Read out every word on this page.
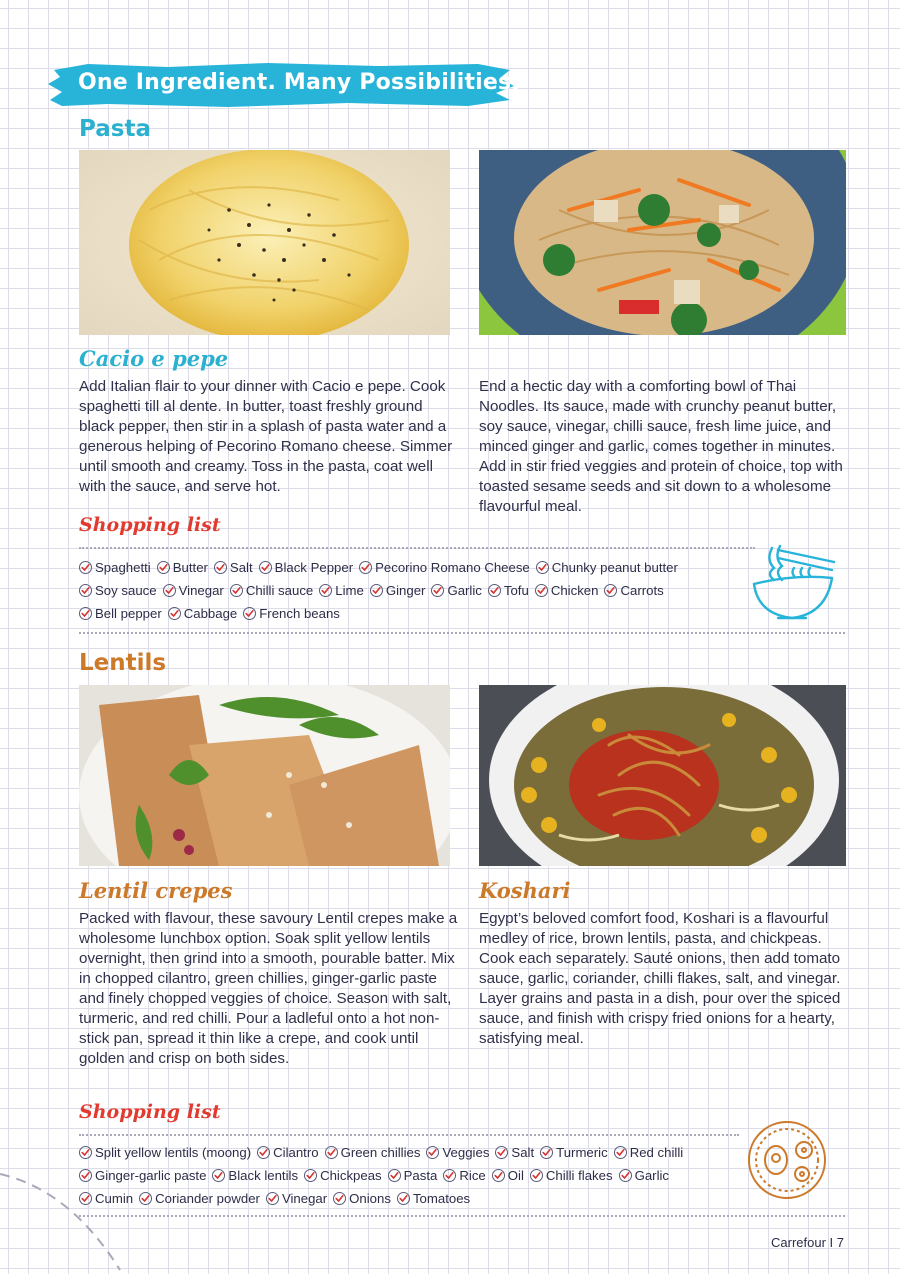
One Ingredient. Many Possibilities.
Pasta
Cacio e pepe

Add Italian flair to your dinner with Cacio e pepe. Cook spaghetti till al dente. In butter, toast freshly ground black pepper, then stir in a splash of pasta water and a generous helping of Pecorino Romano cheese. Simmer until smooth and creamy. Toss in the pasta, coat well with the sauce, and serve hot.

End a hectic day with a comforting bowl of Thai Noodles. Its sauce, made with crunchy peanut butter, soy sauce, vinegar, chilli sauce, fresh lime juice, and minced ginger and garlic, comes together in minutes. Add in stir fried veggies and protein of choice, top with toasted sesame seeds and sit down to a wholesome flavourful meal.

Shopping list
Spaghetti Butter Salt Black Pepper Pecorino Romano Cheese Chunky peanut butter
Soy sauce Vinegar Chilli sauce Lime Ginger Garlic Tofu Chicken Carrots
Bell pepper Cabbage French beans
Lentils
Lentil crepes

Packed with flavour, these savoury Lentil crepes make a wholesome lunchbox option. Soak split yellow lentils overnight, then grind into a smooth, pourable batter. Mix in chopped cilantro, green chillies, ginger-garlic paste and finely chopped veggies of choice. Season with salt, turmeric, and red chilli. Pour a ladleful onto a hot non-stick pan, spread it thin like a crepe, and cook until golden and crisp on both sides.

Koshari

Egypt’s beloved comfort food, Koshari is a flavourful medley of rice, brown lentils, pasta, and chickpeas. Cook each separately. Sauté onions, then add tomato sauce, garlic, coriander, chilli flakes, salt, and vinegar. Layer grains and pasta in a dish, pour over the spiced sauce, and finish with crispy fried onions for a hearty, satisfying meal.

Shopping list
Split yellow lentils (moong) Cilantro Green chillies Veggies Salt Turmeric Red chilli
Ginger-garlic paste Black lentils Chickpeas Pasta Rice Oil Chilli flakes Garlic
Cumin Coriander powder Vinegar Onions Tomatoes
Carrefour I 7
